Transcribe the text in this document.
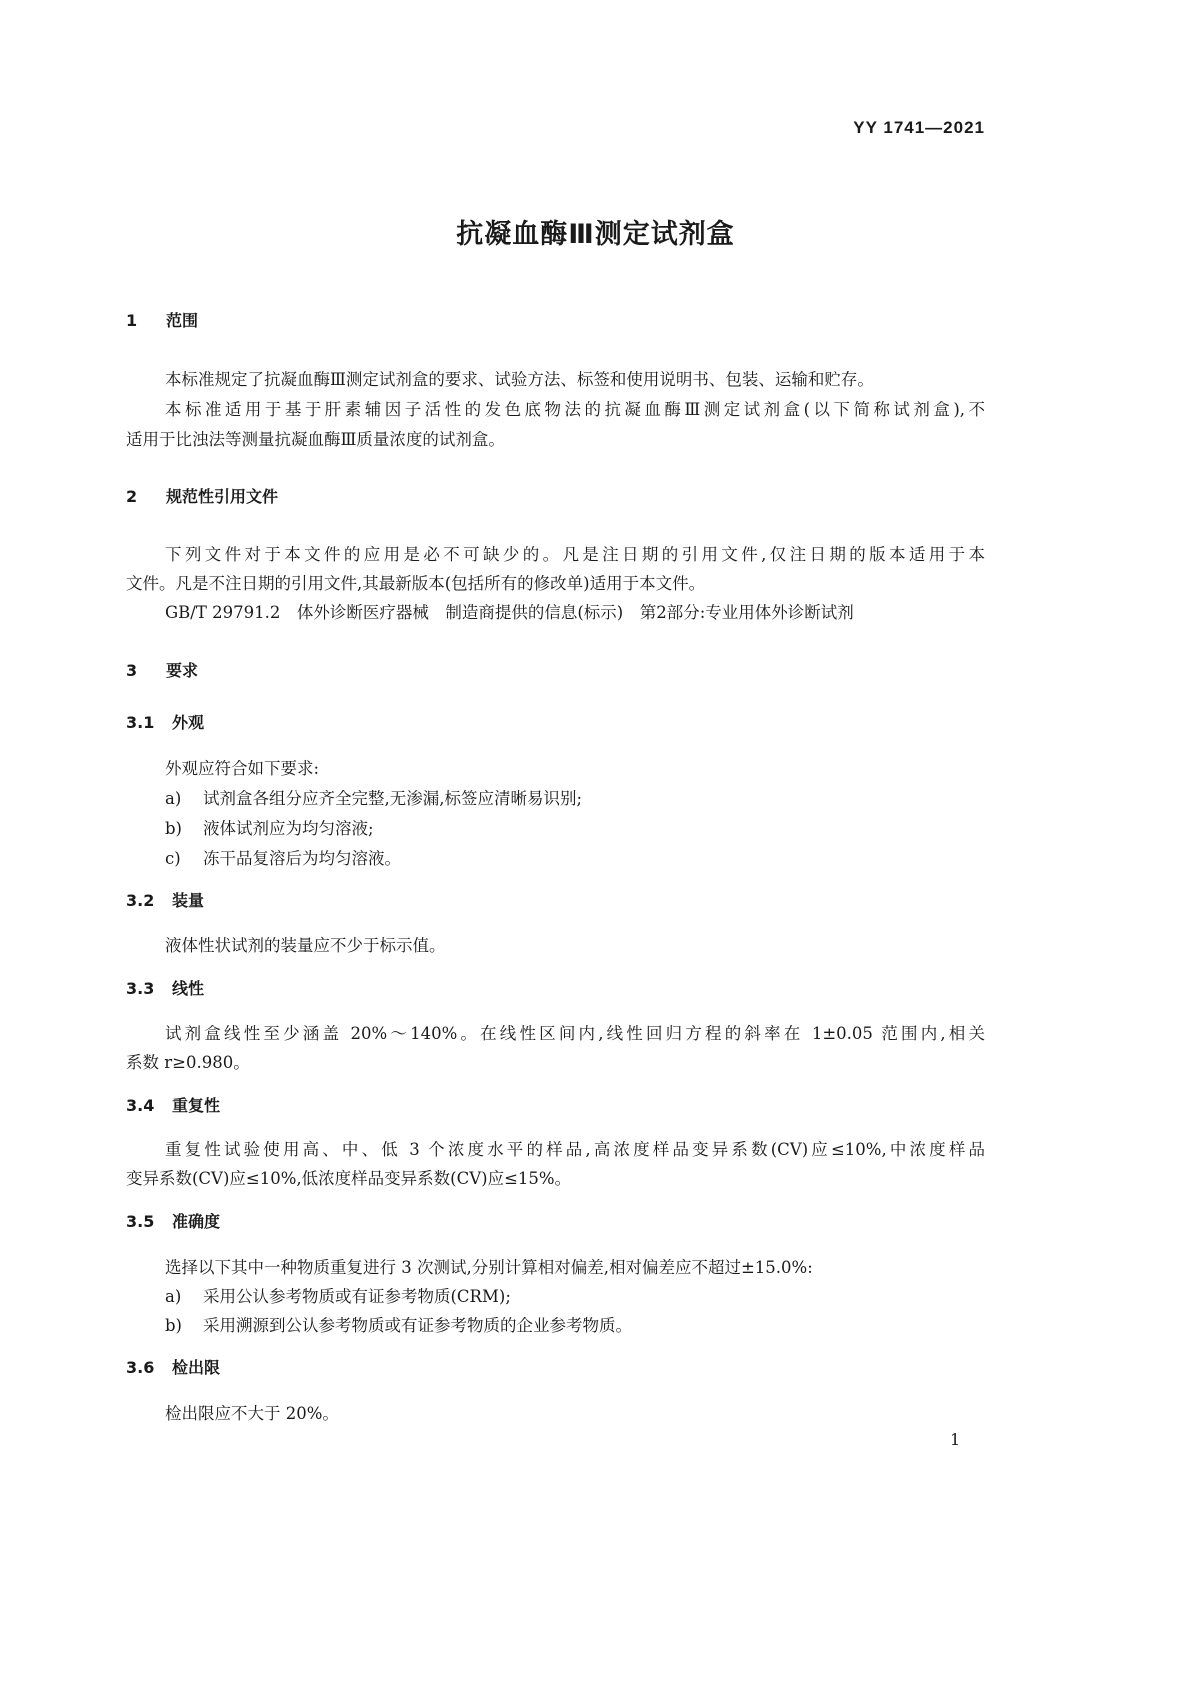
YY 1741—2021
抗凝血酶Ⅲ测定试剂盒
1 范围
本标准规定了抗凝血酶Ⅲ测定试剂盒的要求、试验方法、标签和使用说明书、包装、运输和贮存。
本标准适用于基于肝素辅因子活性的发色底物法的抗凝血酶Ⅲ测定试剂盒(以下简称试剂盒),不
适用于比浊法等测量抗凝血酶Ⅲ质量浓度的试剂盒。
2 规范性引用文件
下列文件对于本文件的应用是必不可缺少的。凡是注日期的引用文件,仅注日期的版本适用于本
文件。凡是不注日期的引用文件,其最新版本(包括所有的修改单)适用于本文件。
GB/T 29791.2　体外诊断医疗器械　制造商提供的信息(标示)　第2部分:专业用体外诊断试剂
3 要求
3.1 外观
外观应符合如下要求:
a) 试剂盒各组分应齐全完整,无渗漏,标签应清晰易识别;
b) 液体试剂应为均匀溶液;
c) 冻干品复溶后为均匀溶液。
3.2 装量
液体性状试剂的装量应不少于标示值。
3.3 线性
试剂盒线性至少涵盖 20%～140%。在线性区间内,线性回归方程的斜率在 1±0.05 范围内,相关
系数 r≥0.980。
3.4 重复性
重复性试验使用高、中、低 3 个浓度水平的样品,高浓度样品变异系数(CV)应≤10%,中浓度样品
变异系数(CV)应≤10%,低浓度样品变异系数(CV)应≤15%。
3.5 准确度
选择以下其中一种物质重复进行 3 次测试,分别计算相对偏差,相对偏差应不超过±15.0%:
a) 采用公认参考物质或有证参考物质(CRM);
b) 采用溯源到公认参考物质或有证参考物质的企业参考物质。
3.6 检出限
检出限应不大于 20%。
1
